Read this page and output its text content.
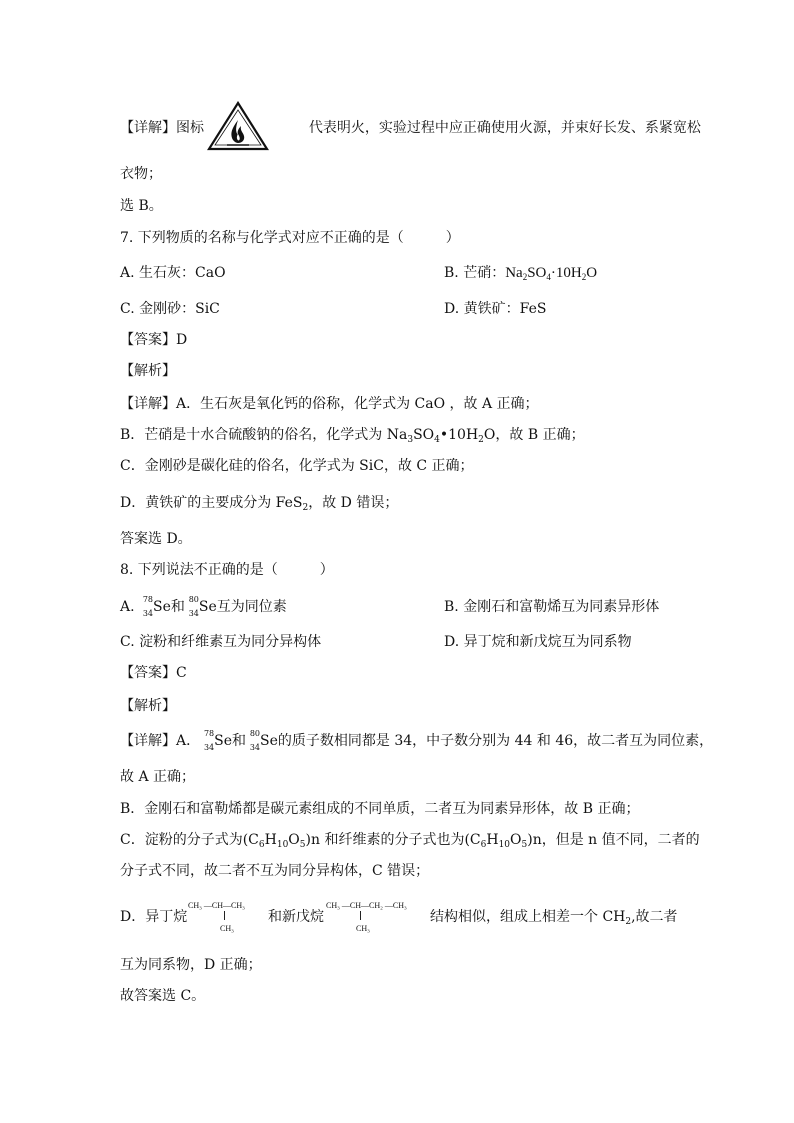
【详解】图标	代表明火，实验过程中应正确使用火源，并束好长发、系紧宽松
衣物；
选 B。
7. 下列物质的名称与化学式对应不正确的是（　　　）
A. 生石灰：CaO	B. 芒硝：$Na_2SO_4\cdot 10H_2O$
C. 金刚砂：SiC	D. 黄铁矿：FeS
【答案】D
【解析】
【详解】A．生石灰是氧化钙的俗称，化学式为 CaO ，故 A 正确；
B．芒硝是十水合硫酸钠的俗名，化学式为 $Na_3SO_4•10H_2O$，故 B 正确；
C．金刚砂是碳化硅的俗名，化学式为 SiC，故 C 正确；
D．黄铁矿的主要成分为 FeS$_2$，故 D 错误；
答案选 D。
8. 下列说法不正确的是（　　　）
A. 78
34 Se和 80
34 Se互为同位素	B. 金刚石和富勒烯互为同素异形体
C. 淀粉和纤维素互为同分异构体	D. 异丁烷和新戊烷互为同系物
【答案】C
【解析】
【详解】A． 78
34 Se和 80
34 Se的质子数相同都是 34，中子数分别为 44 和 46，故二者互为同位素，
故 A 正确；
B．金刚石和富勒烯都是碳元素组成的不同单质，二者互为同素异形体，故 B 正确；
C．淀粉的分子式为$(C_6H_{10}O_5)n$ 和纤维素的分子式也为$(C_6H_{10}O_5)n$，但是 n 值不同，二者的
分子式不同，故二者不互为同分异构体，C 错误；
D．异丁烷
CH₃ —CH—CH₃
CH₃
和新戊烷
CH₃ —CH—CH₂ —CH₃
CH₃
结构相似，组成上相差一个 $CH_2$,故二者
互为同系物，D 正确；
故答案选 C。
